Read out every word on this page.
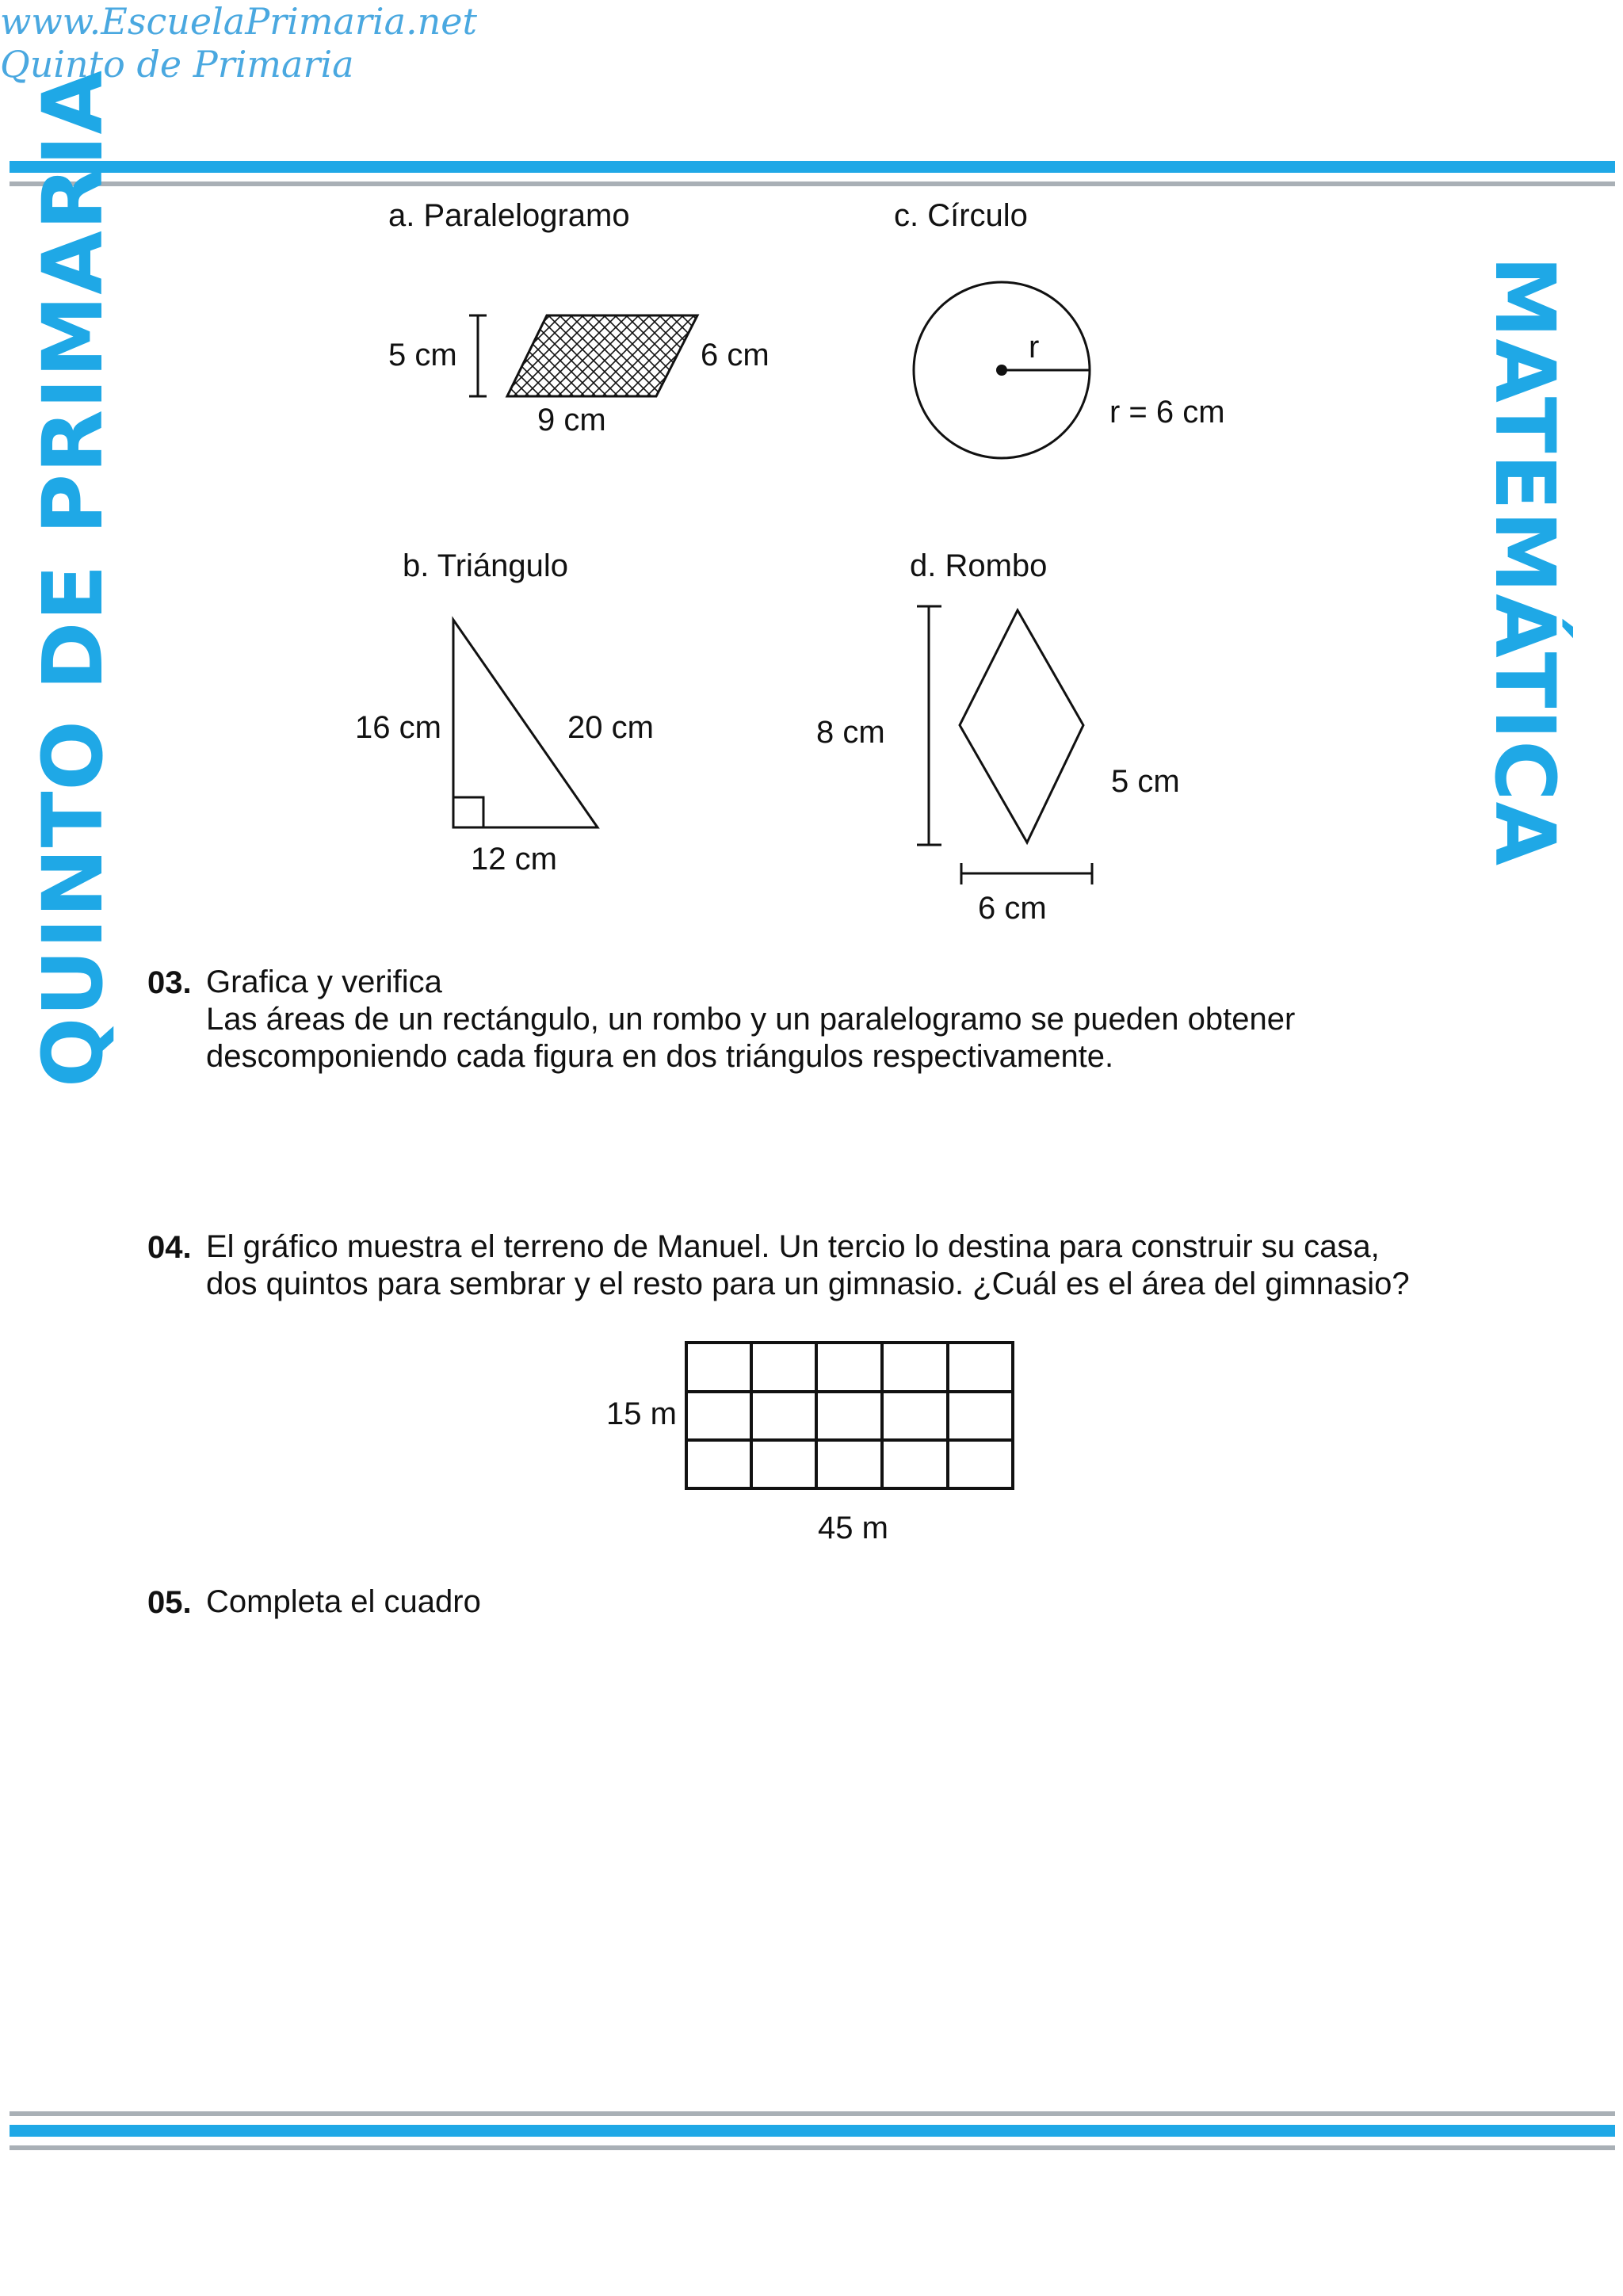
www.EscuelaPrimaria.net
Quinto de Primaria
QUINTO DE PRIMARIA	MATEMÁTICA
a. Paralelogramo
5 cm	6 cm
9 cm
c. Círculo
r
r = 6 cm
b. Triángulo
16 cm	20 cm
12 cm
d. Rombo
8 cm
5 cm
6 cm
03. Grafica y verifica
Las áreas de un rectángulo, un rombo y un paralelogramo se pueden obtener
descomponiendo cada figura en dos triángulos respectivamente.
04. El gráfico muestra el terreno de Manuel. Un tercio lo destina para construir su casa,
dos quintos para sembrar y el resto para un gimnasio. ¿Cuál es el área del gimnasio?
15 m
45 m
05. Completa el cuadro
